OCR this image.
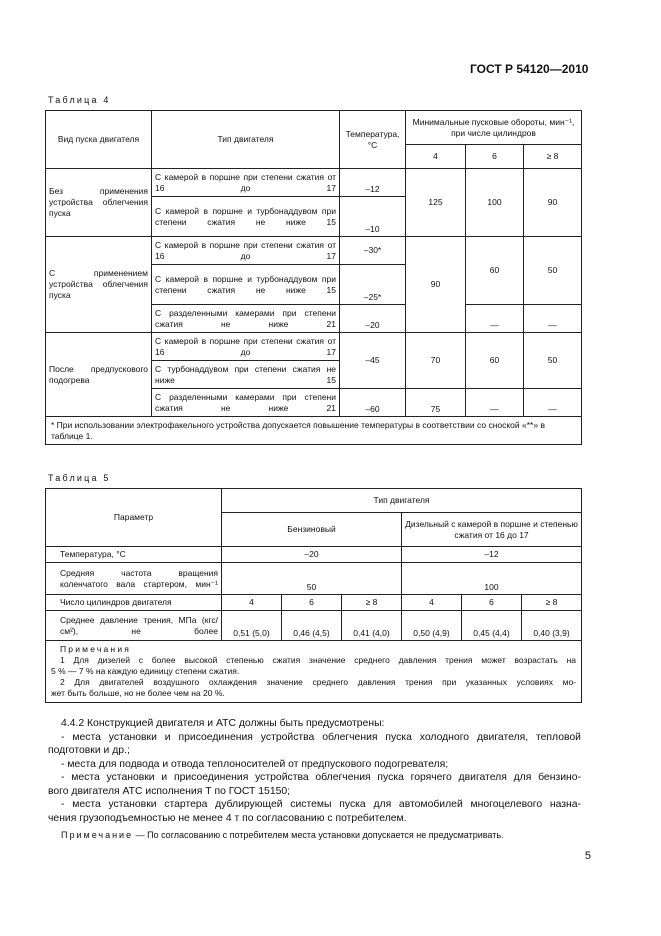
ГОСТ Р 54120—2010
Таблица 4
Вид пуска двигателя	Тип двигателя	Температура, °С	Минимальные пусковые обороты, мин⁻¹, при числе цилиндров		
			4	6	≥ 8
Без применения устройства облегчения пуска	С камерой в поршне при степени сжатия от 16 до 17	–12	125	100	90
	С камерой в поршне и турбонаддувом при степени сжатия не ниже 15	–10			
С применением устройства облегчения пуска	С камерой в поршне при степени сжатия от 16 до 17	–30*	90	60	50
	С камерой в поршне и турбонаддувом при степени сжатия не ниже 15	–25*			
	С разделенными камерами при степени сжатия не ниже 21	–20		—	—
После предпускового подогрева	С камерой в поршне при степени сжатия от 16 до 17	–45	70	60	50
	С турбонаддувом при степени сжатия не ниже 15				
	С разделенными камерами при степени сжатия не ниже 21	–60	75	—	—
* При использовании электрофакельного устройства допускается повышение температуры в соответствии со сноской «**» в таблице 1.					
Таблица 5
Параметр	Тип двигателя					
	Бензиновый			Дизельный с камерой в поршне и степенью сжатия от 16 до 17		
Температура, °С	–20			–12		
Средняя частота вращения коленчатого вала стартером, мин⁻¹	50			100		
Число цилиндров двигателя	4	6	≥ 8	4	6	≥ 8
Среднее давление трения, МПа (кгс/см²), не более	0,51 (5,0)	0,46 (4,5)	0,41 (4,0)	0,50 (4,9)	0,45 (4,4)	0,40 (3,9)

Примечания
1 Для дизелей с более высокой степенью сжатия значение среднего давления трения может возрастать на
5 % — 7 % на каждую единицу степени сжатия.
2 Для двигателей воздушного охлаждения значение среднего давления трения при указанных условиях мо-
жет быть больше, но не более чем на 20 %.						
4.4.2 Конструкцией двигателя и АТС должны быть предусмотрены:
- места установки и присоединения устройства облегчения пуска холодного двигателя, тепловой
подготовки и др.;
- места для подвода и отвода теплоносителей от предпускового подогревателя;
- места установки и присоединения устройства облегчения пуска горячего двигателя для бензино-
вого двигателя АТС исполнения Т по ГОСТ 15150;
- места установки стартера дублирующей системы пуска для автомобилей многоцелевого назна-
чения грузоподъемностью не менее 4 т по согласованию с потребителем.
Примечание — По согласованию с потребителем места установки допускается не предусматривать.
5
